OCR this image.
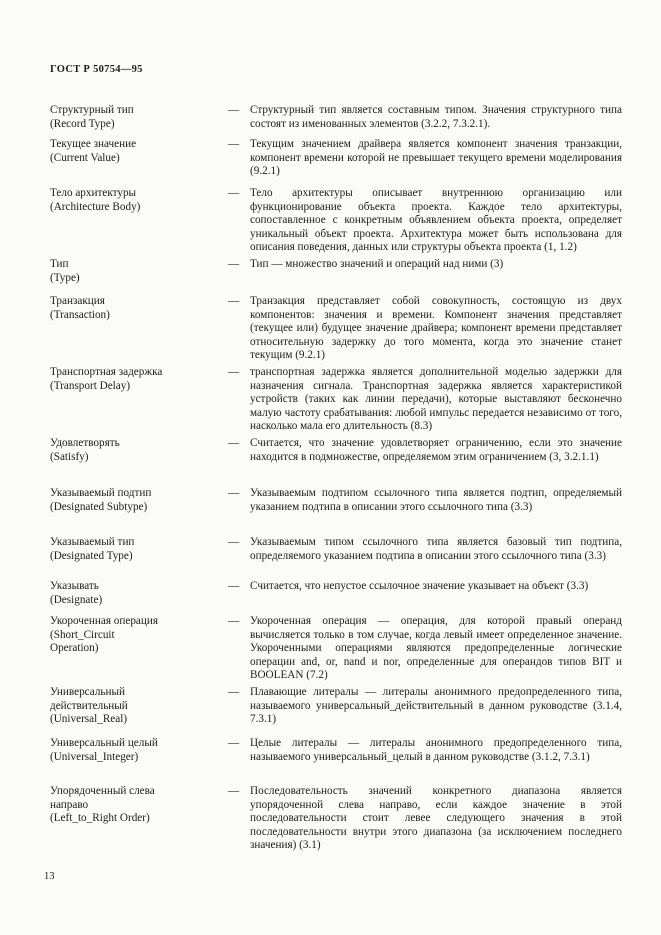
ГОСТ Р 50754—95
Структурный тип
(Record Type)
— Структурный тип является составным типом. Значения структурного типа состоят из именованных элементов (3.2.2, 7.3.2.1).
Текущее значение
(Current Value)
— Текущим значением драйвера является компонент значения транзакции, компонент времени которой не превышает текущего времени моделирования (9.2.1)
Тело архитектуры
(Architecture Body)
— Тело архитектуры описывает внутреннюю организацию или функционирование объекта проекта. Каждое тело архитектуры, сопоставленное с конкретным объявлением объекта проекта, определяет уникальный объект проекта. Архитектура может быть использована для описания поведения, данных или структуры объекта проекта (1, 1.2)
Тип
(Type)
— Тип — множество значений и операций над ними (3)
Транзакция
(Transaction)
— Транзакция представляет собой совокупность, состоящую из двух компонентов: значения и времени. Компонент значения представляет (текущее или) будущее значение драйвера; компонент времени представляет относительную задержку до того момента, когда это значение станет текущим (9.2.1)
Транспортная задержка
(Transport Delay)
— транспортная задержка является дополнительной моделью задержки для назначения сигнала. Транспортная задержка является характеристикой устройств (таких как линии передачи), которые выставляют бесконечно малую частоту срабатывания: любой импульс передается независимо от того, насколько мала его длительность (8.3)
Удовлетворять
(Satisfy)
— Считается, что значение удовлетворяет ограничению, если это значение находится в подмножестве, определяемом этим ограничением (3, 3.2.1.1)
Указываемый подтип
(Designated Subtype)
— Указываемым подтипом ссылочного типа является подтип, определяемый указанием подтипа в описании этого ссылочного типа (3.3)
Указываемый тип
(Designated Type)
— Указываемым типом ссылочного типа является базовый тип подтипа, определяемого указанием подтипа в описании этого ссылочного типа (3.3)
Указывать
(Designate)
— Считается, что непустое ссылочное значение указывает на объект (3.3)
Укороченная операция
(Short_Circuit
Operation)
— Укороченная операция — операция, для которой правый операнд вычисляется только в том случае, когда левый имеет определенное значение. Укороченными операциями являются предопределенные логические операции and, or, nand и nor, определенные для операндов типов BIT и BOOLEAN (7.2)
Универсальный
действительный
(Universal_Real)
— Плавающие литералы — литералы анонимного предопределенного типа, называемого универсальный_действительный в данном руководстве (3.1.4, 7.3.1)
Универсальный целый
(Universal_Integer)
— Целые литералы — литералы анонимного предопределенного типа, называемого универсальный_целый в данном руководстве (3.1.2, 7.3.1)
Упорядоченный слева
направо
(Left_to_Right Order)
— Последовательность значений конкретного диапазона является упорядоченной слева направо, если каждое значение в этой последовательности стоит левее следующего значения в этой последовательности внутри этого диапазона (за исключением последнего значения) (3.1)
13
